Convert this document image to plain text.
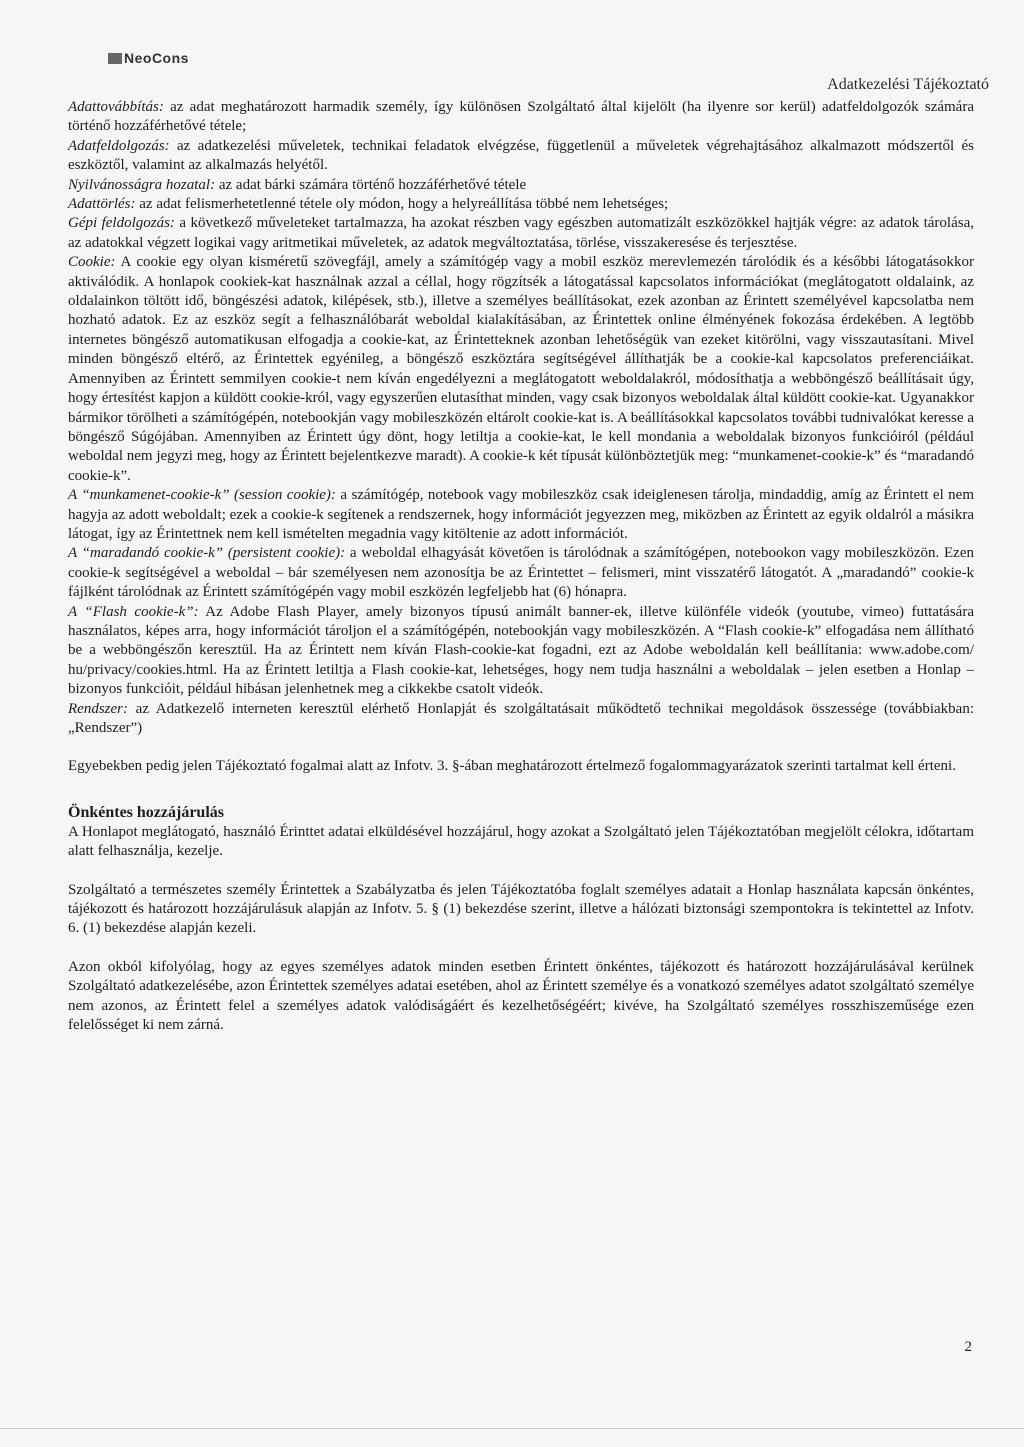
NeoCons
Adatkezelési Tájékoztató

Adattovábbítás: az adat meghatározott harmadik személy, így különösen Szolgáltató által kijelölt (ha ilyenre sor kerül) adatfeldolgozók számára történő hozzáférhetővé tétele;

Adatfeldolgozás: az adatkezelési műveletek, technikai feladatok elvégzése, függetlenül a műveletek végrehajtásához alkalmazott módszertől és eszköztől, valamint az alkalmazás helyétől.

Nyilvánosságra hozatal: az adat bárki számára történő hozzáférhetővé tétele

Adattörlés: az adat felismerhetetlenné tétele oly módon, hogy a helyreállítása többé nem lehetséges;

Gépi feldolgozás: a következő műveleteket tartalmazza, ha azokat részben vagy egészben automatizált eszközökkel hajtják végre: az adatok tárolása, az adatokkal végzett logikai vagy aritmetikai műveletek, az adatok megváltoztatása, törlése, visszakeresése és terjesztése.

Cookie: A cookie egy olyan kisméretű szövegfájl, amely a számítógép vagy a mobil eszköz merevlemezén tárolódik és a későbbi látogatásokkor aktiválódik. A honlapok cookiek-kat használnak azzal a céllal, hogy rögzítsék a látogatással kapcsolatos információkat (meglátogatott oldalaink, az oldalainkon töltött idő, böngészési adatok, kilépések, stb.), illetve a személyes beállításokat, ezek azonban az Érintett személyével kapcsolatba nem hozható adatok. Ez az eszköz segít a felhasználóbarát weboldal kialakításában, az Érintettek online élményének fokozása érdekében. A legtöbb internetes böngésző automatikusan elfogadja a cookie-kat, az Érintetteknek azonban lehetőségük van ezeket kitörölni, vagy visszautasítani. Mivel minden böngésző eltérő, az Érintettek egyénileg, a böngésző eszköztára segítségével állíthatják be a cookie-kal kapcsolatos preferenciáikat. Amennyiben az Érintett semmilyen cookie-t nem kíván engedélyezni a meglátogatott weboldalakról, módosíthatja a webböngésző beállításait úgy, hogy értesítést kapjon a küldött cookie-król, vagy egyszerűen elutasíthat minden, vagy csak bizonyos weboldalak által küldött cookie-kat. Ugyanakkor bármikor törölheti a számítógépén, notebookján vagy mobileszközén eltárolt cookie-kat is. A beállításokkal kapcsolatos további tudnivalókat keresse a böngésző Súgójában. Amennyiben az Érintett úgy dönt, hogy letiltja a cookie-kat, le kell mondania a weboldalak bizonyos funkcióiról (például weboldal nem jegyzi meg, hogy az Érintett bejelentkezve maradt). A cookie-k két típusát különböztetjük meg: “munkamenet-cookie-k” és “maradandó cookie-k”.

A “munkamenet-cookie-k” (session cookie): a számítógép, notebook vagy mobileszköz csak ideiglenesen tárolja, mindaddig, amíg az Érintett el nem hagyja az adott weboldalt; ezek a cookie-k segítenek a rendszernek, hogy információt jegyezzen meg, miközben az Érintett az egyik oldalról a másikra látogat, így az Érintettnek nem kell ismételten megadnia vagy kitöltenie az adott információt.

A “maradandó cookie-k” (persistent cookie): a weboldal elhagyását követően is tárolódnak a számítógépen, notebookon vagy mobileszközön. Ezen cookie-k segítségével a weboldal – bár személyesen nem azonosítja be az Érintettet – felismeri, mint visszatérő látogatót. A „maradandó” cookie-k fájlként tárolódnak az Érintett számítógépén vagy mobil eszközén legfeljebb hat (6) hónapra.

A “Flash cookie-k”: Az Adobe Flash Player, amely bizonyos típusú animált banner-ek, illetve különféle videók (youtube, vimeo) futtatására használatos, képes arra, hogy információt tároljon el a számítógépén, notebookján vagy mobileszközén. A “Flash cookie-k” elfogadása nem állítható be a webböngészőn keresztül. Ha az Érintett nem kíván Flash-cookie-kat fogadni, ezt az Adobe weboldalán kell beállítania: www.adobe.com/ hu/privacy/cookies.html. Ha az Érintett letiltja a Flash cookie-kat, lehetséges, hogy nem tudja használni a weboldalak – jelen esetben a Honlap – bizonyos funkcióit, például hibásan jelenhetnek meg a cikkekbe csatolt videók.

Rendszer: az Adatkezelő interneten keresztül elérhető Honlapját és szolgáltatásait működtető technikai megoldások összessége (továbbiakban: „Rendszer”)

Egyebekben pedig jelen Tájékoztató fogalmai alatt az Infotv. 3. §-ában meghatározott értelmező fogalommagyarázatok szerinti tartalmat kell érteni.

Önkéntes hozzájárulás

A Honlapot meglátogató, használó Érinttet adatai elküldésével hozzájárul, hogy azokat a Szolgáltató jelen Tájékoztatóban megjelölt célokra, időtartam alatt felhasználja, kezelje.

Szolgáltató a természetes személy Érintettek a Szabályzatba és jelen Tájékoztatóba foglalt személyes adatait a Honlap használata kapcsán önkéntes, tájékozott és határozott hozzájárulásuk alapján az Infotv. 5. § (1) bekezdése szerint, illetve a hálózati biztonsági szempontokra is tekintettel az Infotv. 6. (1) bekezdése alapján kezeli.

Azon okból kifolyólag, hogy az egyes személyes adatok minden esetben Érintett önkéntes, tájékozott és határozott hozzájárulásával kerülnek Szolgáltató adatkezelésébe, azon Érintettek személyes adatai esetében, ahol az Érintett személye és a vonatkozó személyes adatot szolgáltató személye nem azonos, az Érintett felel a személyes adatok valódiságáért és kezelhetőségéért; kivéve, ha Szolgáltató személyes rosszhiszeműsége ezen felelősséget ki nem zárná.

2
